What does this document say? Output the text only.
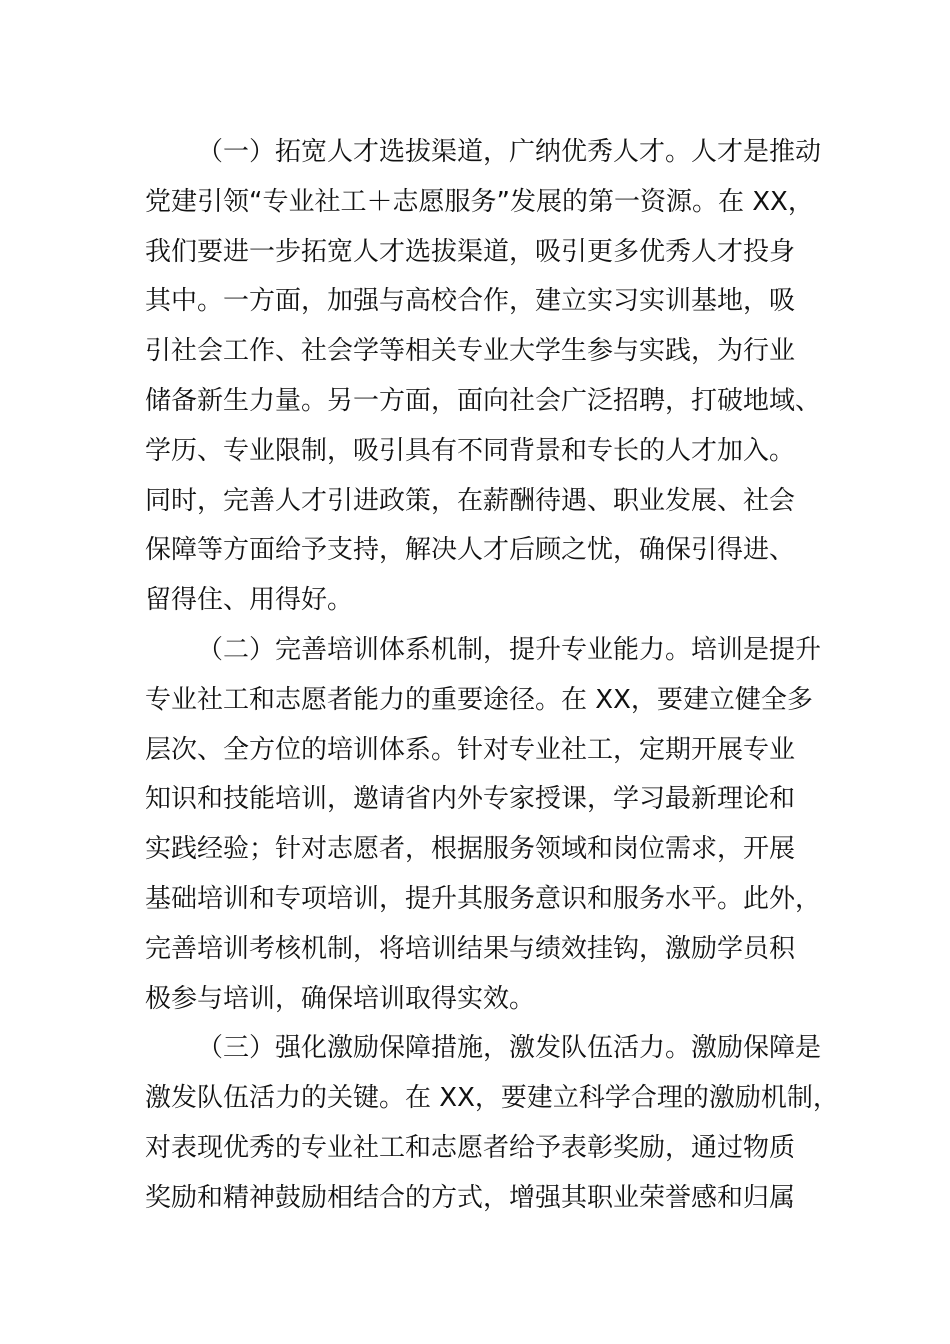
（一）拓宽人才选拔渠道，广纳优秀人才。人才是推动
党建引领“专业社工＋志愿服务”发展的第一资源。在 XX，
我们要进一步拓宽人才选拔渠道，吸引更多优秀人才投身
其中。一方面，加强与高校合作，建立实习实训基地，吸
引社会工作、社会学等相关专业大学生参与实践，为行业
储备新生力量。另一方面，面向社会广泛招聘，打破地域、
学历、专业限制，吸引具有不同背景和专长的人才加入。
同时，完善人才引进政策，在薪酬待遇、职业发展、社会
保障等方面给予支持，解决人才后顾之忧，确保引得进、
留得住、用得好。
（二）完善培训体系机制，提升专业能力。培训是提升
专业社工和志愿者能力的重要途径。在 XX，要建立健全多
层次、全方位的培训体系。针对专业社工，定期开展专业
知识和技能培训，邀请省内外专家授课，学习最新理论和
实践经验；针对志愿者，根据服务领域和岗位需求，开展
基础培训和专项培训，提升其服务意识和服务水平。此外，
完善培训考核机制，将培训结果与绩效挂钩，激励学员积
极参与培训，确保培训取得实效。
（三）强化激励保障措施，激发队伍活力。激励保障是
激发队伍活力的关键。在 XX，要建立科学合理的激励机制，
对表现优秀的专业社工和志愿者给予表彰奖励，通过物质
奖励和精神鼓励相结合的方式，增强其职业荣誉感和归属
